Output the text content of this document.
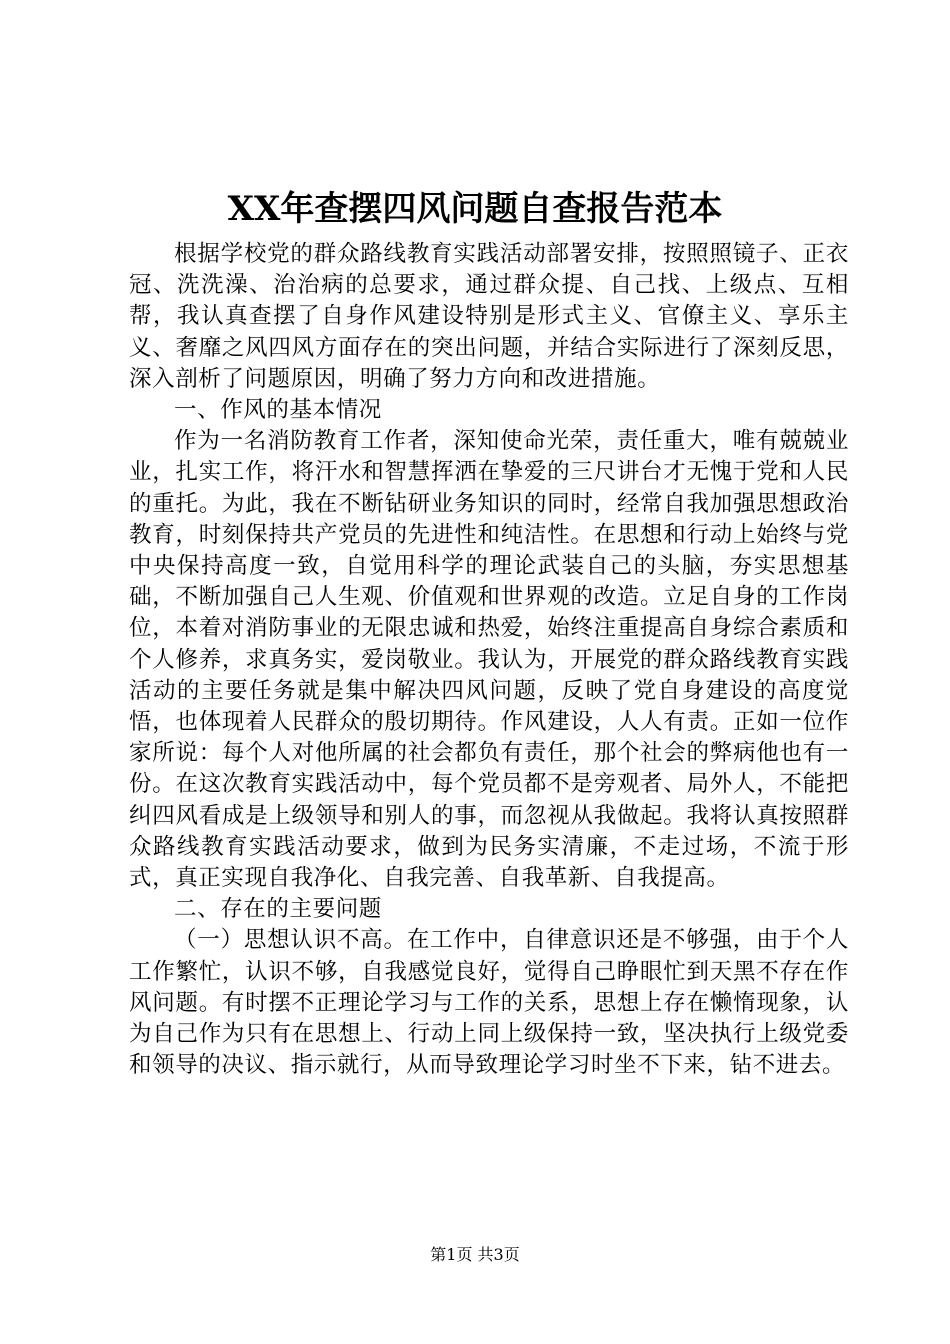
XX年查摆四风问题自查报告范本

根据学校党的群众路线教育实践活动部署安排，按照照镜子、正衣冠、洗洗澡、治治病的总要求，通过群众提、自己找、上级点、互相帮，我认真查摆了自身作风建设特别是形式主义、官僚主义、享乐主义、奢靡之风四风方面存在的突出问题，并结合实际进行了深刻反思，深入剖析了问题原因，明确了努力方向和改进措施。

一、作风的基本情况

作为一名消防教育工作者，深知使命光荣，责任重大，唯有兢兢业业，扎实工作，将汗水和智慧挥洒在挚爱的三尺讲台才无愧于党和人民的重托。为此，我在不断钻研业务知识的同时，经常自我加强思想政治教育，时刻保持共产党员的先进性和纯洁性。在思想和行动上始终与党中央保持高度一致，自觉用科学的理论武装自己的头脑，夯实思想基础，不断加强自己人生观、价值观和世界观的改造。立足自身的工作岗位，本着对消防事业的无限忠诚和热爱，始终注重提高自身综合素质和个人修养，求真务实，爱岗敬业。我认为，开展党的群众路线教育实践活动的主要任务就是集中解决四风问题，反映了党自身建设的高度觉悟，也体现着人民群众的殷切期待。作风建设，人人有责。正如一位作家所说：每个人对他所属的社会都负有责任，那个社会的弊病他也有一份。在这次教育实践活动中，每个党员都不是旁观者、局外人，不能把纠四风看成是上级领导和别人的事，而忽视从我做起。我将认真按照群众路线教育实践活动要求，做到为民务实清廉，不走过场，不流于形式，真正实现自我净化、自我完善、自我革新、自我提高。

二、存在的主要问题

（一）思想认识不高。在工作中，自律意识还是不够强，由于个人工作繁忙，认识不够，自我感觉良好，觉得自己睁眼忙到天黑不存在作风问题。有时摆不正理论学习与工作的关系，思想上存在懒惰现象，认为自己作为只有在思想上、行动上同上级保持一致，坚决执行上级党委和领导的决议、指示就行，从而导致理论学习时坐不下来，钻不进去。

第1页 共3页
